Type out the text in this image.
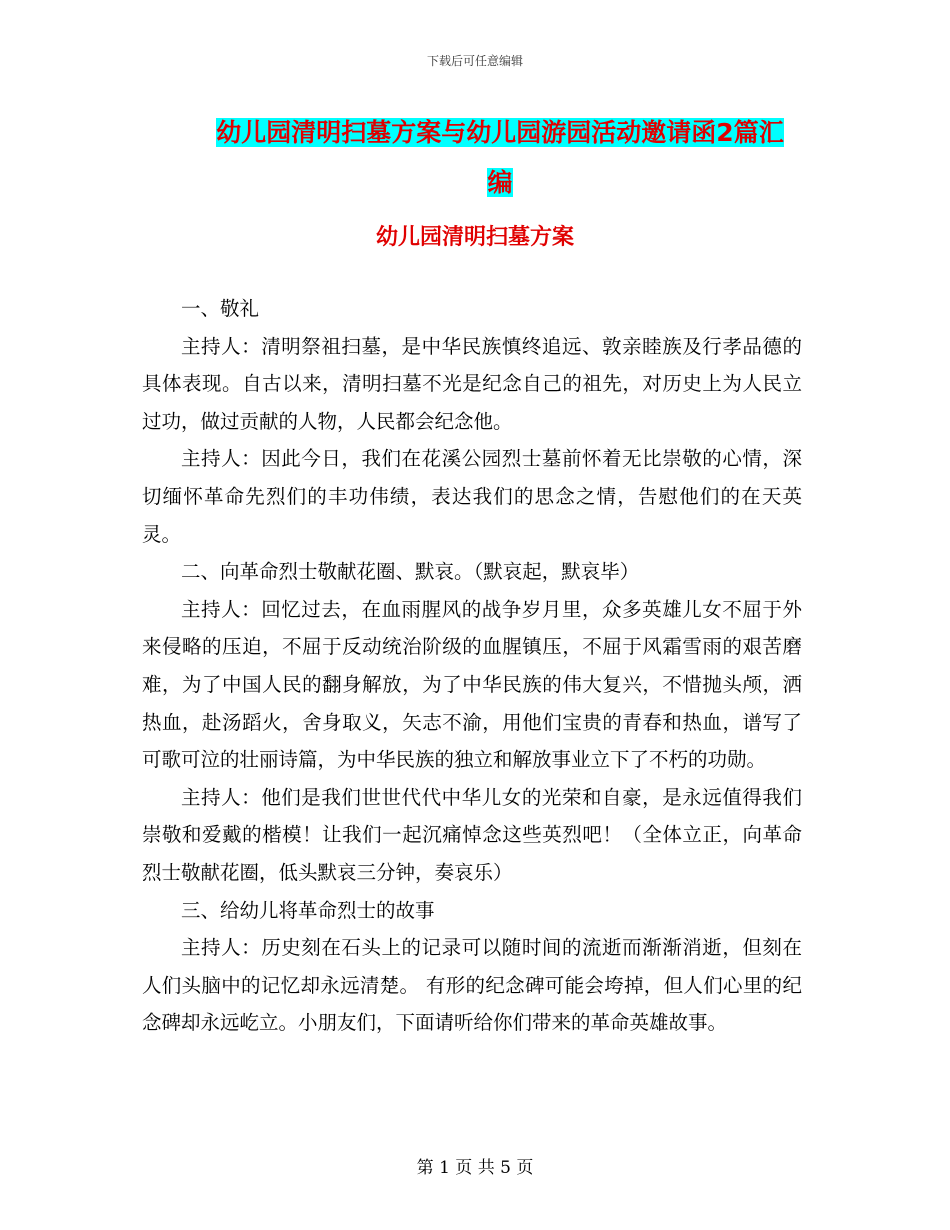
下载后可任意编辑
幼儿园清明扫墓方案与幼儿园游园活动邀请函2篇汇
编
幼儿园清明扫墓方案

一、敬礼

主持人：清明祭祖扫墓，是中华民族慎终追远、敦亲睦族及行孝品德的具体表现。自古以来，清明扫墓不光是纪念自己的祖先，对历史上为人民立过功，做过贡献的人物，人民都会纪念他。

主持人：因此今日，我们在花溪公园烈士墓前怀着无比崇敬的心情，深切缅怀革命先烈们的丰功伟绩，表达我们的思念之情，告慰他们的在天英灵。

二、向革命烈士敬献花圈、默哀。（默哀起，默哀毕）

主持人：回忆过去，在血雨腥风的战争岁月里，众多英雄儿女不屈于外来侵略的压迫，不屈于反动统治阶级的血腥镇压，不屈于风霜雪雨的艰苦磨难，为了中国人民的翻身解放，为了中华民族的伟大复兴，不惜抛头颅，洒热血，赴汤蹈火，舍身取义，矢志不渝，用他们宝贵的青春和热血，谱写了可歌可泣的壮丽诗篇，为中华民族的独立和解放事业立下了不朽的功勋。

主持人：他们是我们世世代代中华儿女的光荣和自豪，是永远值得我们崇敬和爱戴的楷模！让我们一起沉痛悼念这些英烈吧！（全体立正，向革命烈士敬献花圈，低头默哀三分钟，奏哀乐）

三、给幼儿将革命烈士的故事

主持人：历史刻在石头上的记录可以随时间的流逝而渐渐消逝，但刻在人们头脑中的记忆却永远清楚。 有形的纪念碑可能会垮掉，但人们心里的纪念碑却永远屹立。小朋友们，下面请听给你们带来的革命英雄故事。

第 1 页 共 5 页
